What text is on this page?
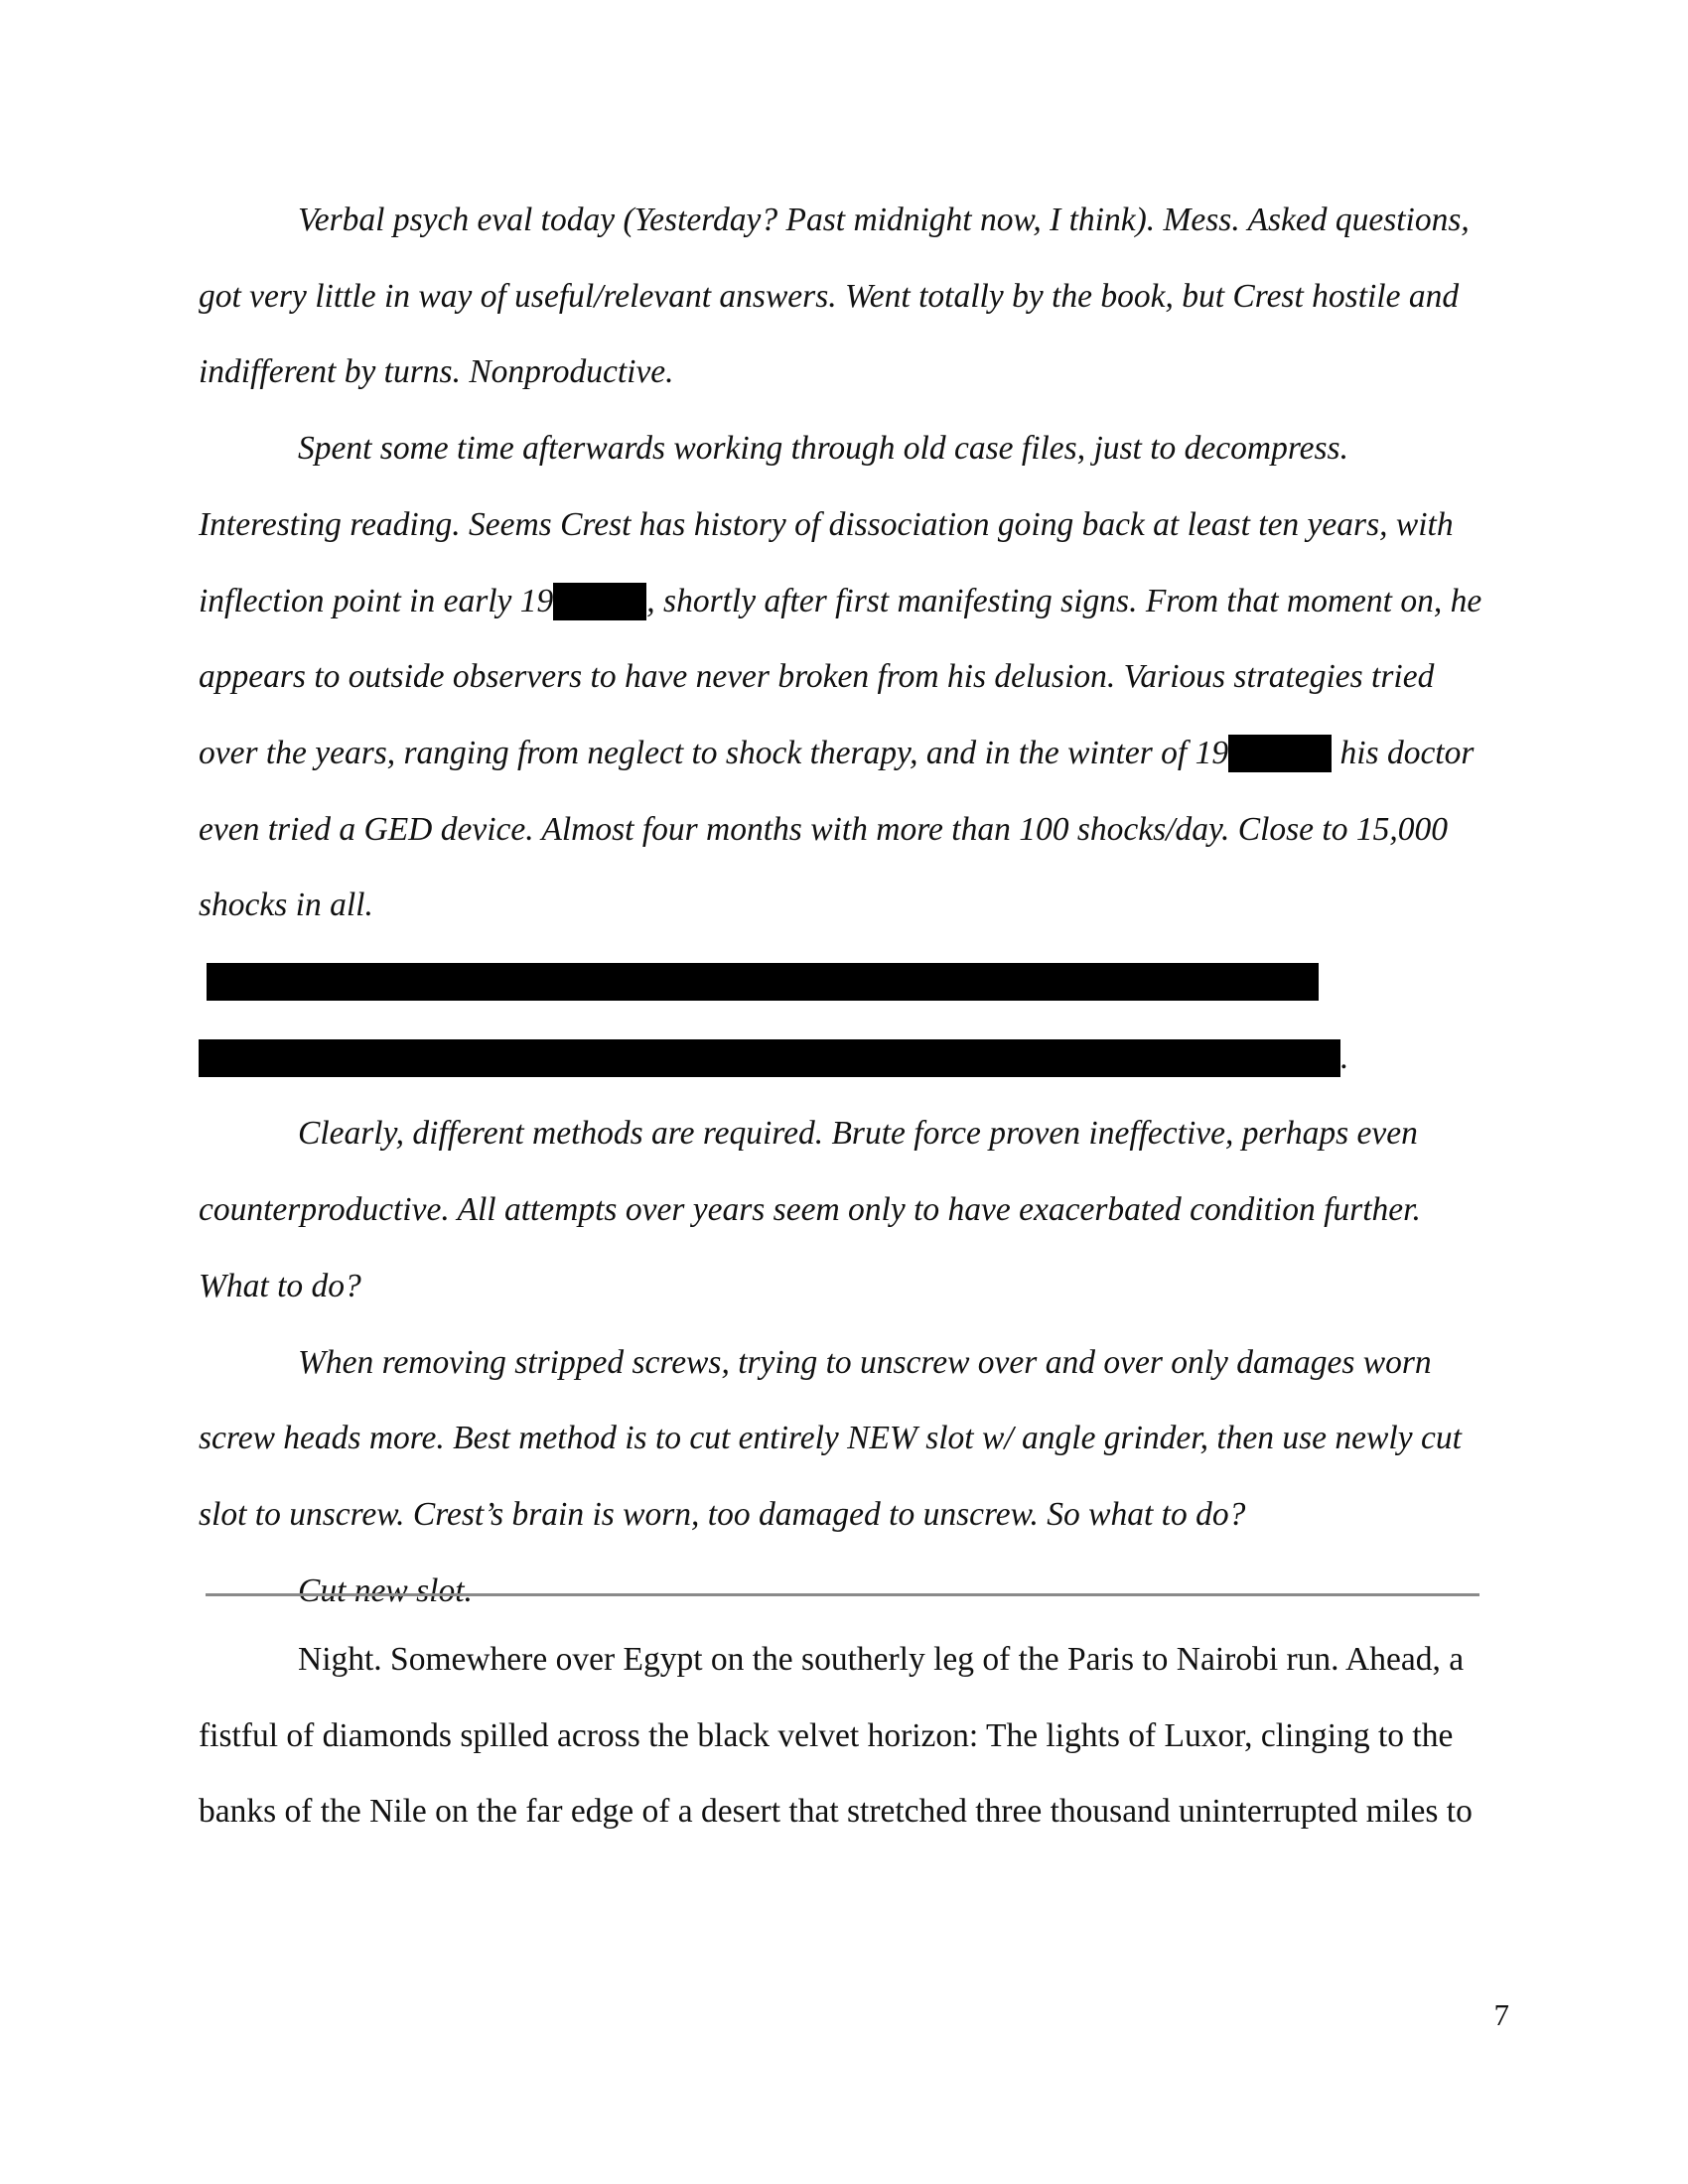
Verbal psych eval today (Yesterday? Past midnight now, I think). Mess. Asked questions, got very little in way of useful/relevant answers. Went totally by the book, but Crest hostile and indifferent by turns. Nonproductive.

Spent some time afterwards working through old case files, just to decompress. Interesting reading. Seems Crest has history of dissociation going back at least ten years, with inflection point in early 19	, shortly after first manifesting signs. From that moment on, he appears to outside observers to have never broken from his delusion. Various strategies tried over the years, ranging from neglect to shock therapy, and in the winter of 19	his doctor even tried a GED device. Almost four months with more than 100 shocks/day. Close to 15,000 shocks in all. .

Clearly, different methods are required. Brute force proven ineffective, perhaps even counterproductive. All attempts over years seem only to have exacerbated condition further. What to do?

When removing stripped screws, trying to unscrew over and over only damages worn screw heads more. Best method is to cut entirely NEW slot w/ angle grinder, then use newly cut slot to unscrew. Crest’s brain is worn, too damaged to unscrew. So what to do?

Cut new slot.

Night. Somewhere over Egypt on the southerly leg of the Paris to Nairobi run. Ahead, a fistful of diamonds spilled across the black velvet horizon: The lights of Luxor, clinging to the banks of the Nile on the far edge of a desert that stretched three thousand uninterrupted miles to

7
